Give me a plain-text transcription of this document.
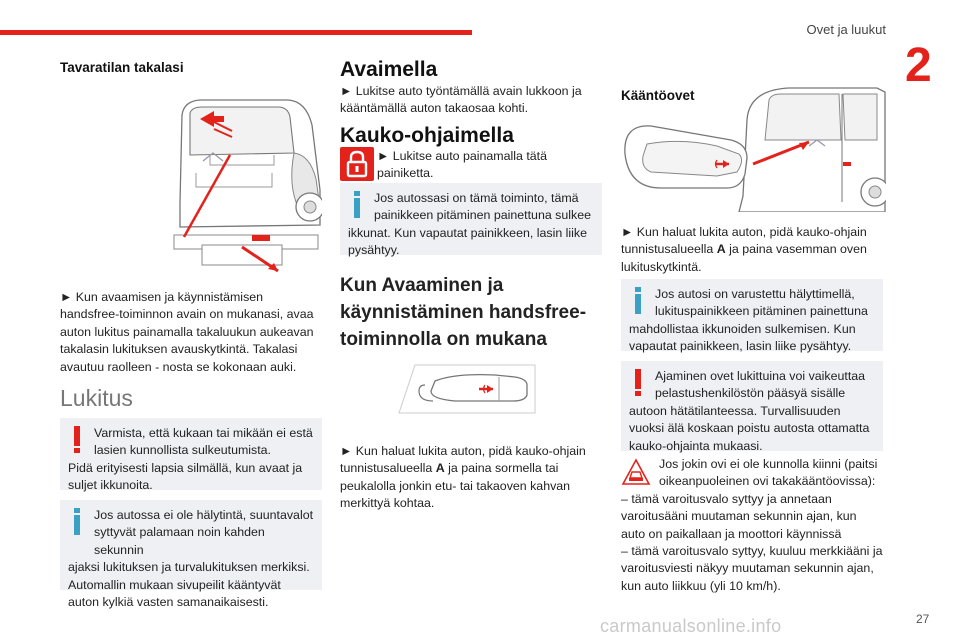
Ovet ja luukut
2
Tavaratilan takalasi
► Kun avaamisen ja käynnistämisen handsfree-toiminnon avain on mukanasi, avaa auton lukitus painamalla takaluukun aukeavan takalasin lukituksen avauskytkintä. Takalasi avautuu raolleen - nosta se kokonaan auki.
Lukitus
Varmista, että kukaan tai mikään ei estä lasien kunnollista sulkeutumista.
Pidä erityisesti lapsia silmällä, kun avaat ja suljet ikkunoita.
Jos autossa ei ole hälytintä, suuntavalot syttyvät palamaan noin kahden sekunnin
ajaksi lukituksen ja turvalukituksen merkiksi. Automallin mukaan sivupeilit kääntyvät auton kylkiä vasten samanaikaisesti.
Avaimella
► Lukitse auto työntämällä avain lukkoon ja kääntämällä auton takaosaa kohti.
Kauko-ohjaimella
► Lukitse auto painamalla tätä painiketta.
Jos autossasi on tämä toiminto, tämä painikkeen pitäminen painettuna sulkee
ikkunat. Kun vapautat painikkeen, lasin liike pysähtyy.
Kun Avaaminen ja käynnistäminen handsfree-toiminnolla on mukana
► Kun haluat lukita auton, pidä kauko-ohjain tunnistusalueella A ja paina sormella tai peukalolla jonkin etu- tai takaoven kahvan merkittyä kohtaa.
Kääntöovet
► Kun haluat lukita auton, pidä kauko-ohjain tunnistusalueella A ja paina vasemman oven lukituskytkintä.
Jos autosi on varustettu hälyttimellä, lukituspainikkeen pitäminen painettuna
mahdollistaa ikkunoiden sulkemisen. Kun vapautat painikkeen, lasin liike pysähtyy.
Ajaminen ovet lukittuina voi vaikeuttaa pelastushenkilöstön pääsyä sisälle
autoon hätätilanteessa. Turvallisuuden vuoksi älä koskaan poistu autosta ottamatta kauko-ohjainta mukaasi.
Jos jokin ovi ei ole kunnolla kiinni (paitsi oikeanpuoleinen ovi takakääntöovissa):
– tämä varoitusvalo syttyy ja annetaan varoitusääni muutaman sekunnin ajan, kun auto on paikallaan ja moottori käynnissä
– tämä varoitusvalo syttyy, kuuluu merkkiääni ja varoitusviesti näkyy muutaman sekunnin ajan, kun auto liikkuu (yli 10 km/h).
carmanualsonline.info	27
